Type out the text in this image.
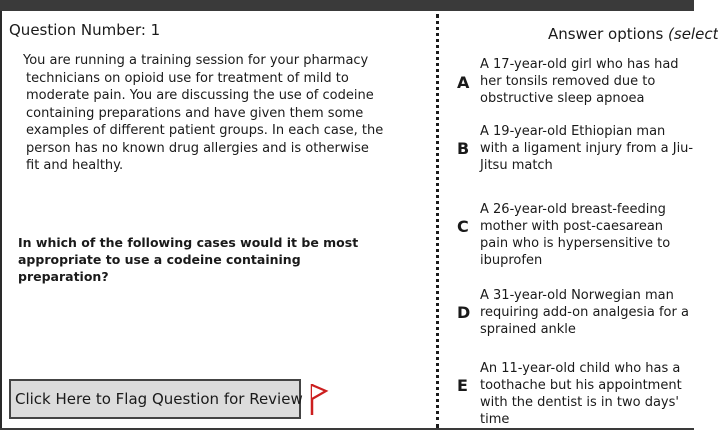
Question Number: 1
You are running a training session for your pharmacy technicians on opioid use for treatment of mild to moderate pain. You are discussing the use of codeine containing preparations and have given them some examples of different patient groups. In each case, the person has no known drug allergies and is otherwise fit and healthy.
In which of the following cases would it be most appropriate to use a codeine containing preparation?
Click Here to Flag Question for Review
Answer options (select
A
A 17-year-old girl who has had her tonsils removed due to obstructive sleep apnoea
B
A 19-year-old Ethiopian man with a ligament injury from a Jiu-Jitsu match
C
A 26-year-old breast-feeding mother with post-caesarean pain who is hypersensitive to ibuprofen
D
A 31-year-old Norwegian man requiring add-on analgesia for a sprained ankle
E
An 11-year-old child who has a toothache but his appointment with the dentist is in two days' time
